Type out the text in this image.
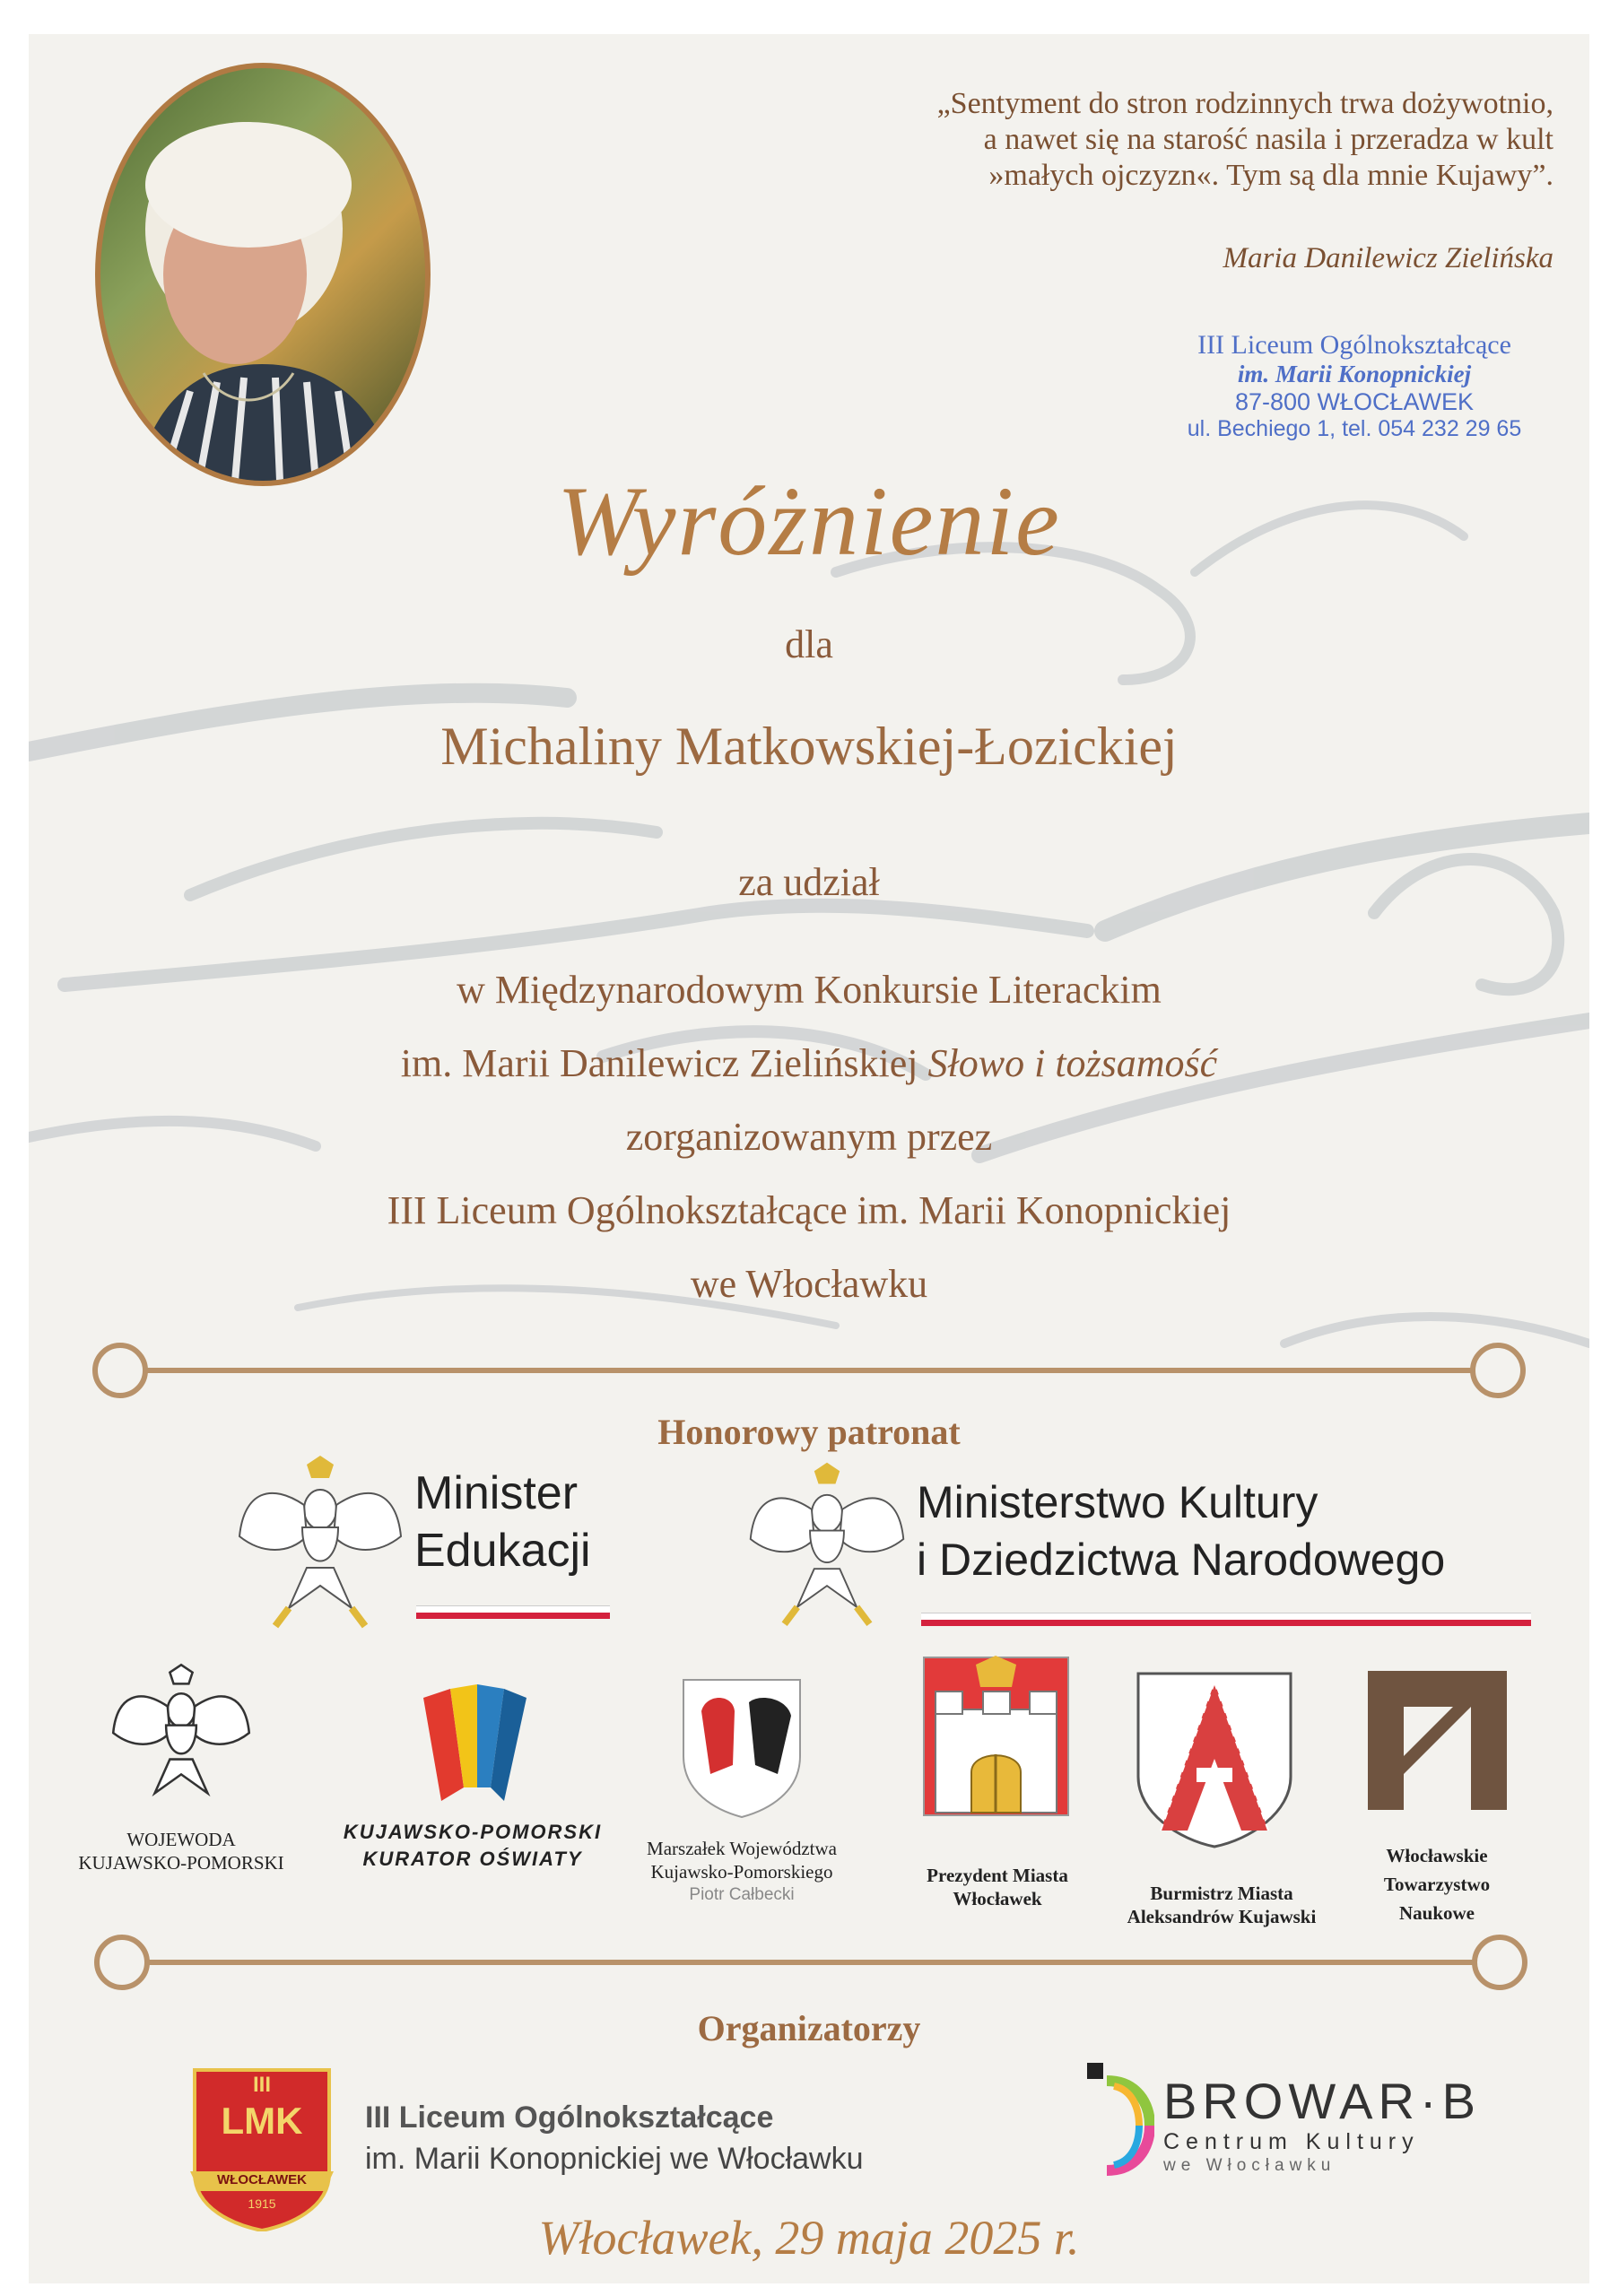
„Sentyment do stron rodzinnych trwa dożywotnio,
a nawet się na starość nasila i przeradza w kult
»małych ojczyzn«. Tym są dla mnie Kujawy”.
Maria Danilewicz Zielińska
III Liceum Ogólnokształcące
im. Marii Konopnickiej
87-800 WŁOCŁAWEK
ul. Bechiego 1, tel. 054 232 29 65
Wyróżnienie
dla
Michaliny Matkowskiej-Łozickiej
za udział
w Międzynarodowym Konkursie Literackim
im. Marii Danilewicz Zielińskiej Słowo i tożsamość
zorganizowanym przez
III Liceum Ogólnokształcące im. Marii Konopnickiej
we Włocławku
Honorowy patronat
Minister
Edukacji
Ministerstwo Kultury
i Dziedzictwa Narodowego
WOJEWODA
KUJAWSKO-POMORSKI
KUJAWSKO-POMORSKI
KURATOR OŚWIATY	Marszałek Województwa
Kujawsko-Pomorskiego
Piotr Całbecki
Prezydent Miasta
Włocławek	Burmistrz Miasta
Aleksandrów Kujawski
Włocławskie
Towarzystwo
Naukowe
Organizatorzy
III
LMK
WŁOCŁAWEK
1915
III Liceum Ogólnokształcące
im. Marii Konopnickiej we Włocławku
BROWAR·B
Centrum Kultury
we Włocławku
Włocławek, 29 maja 2025 r.
